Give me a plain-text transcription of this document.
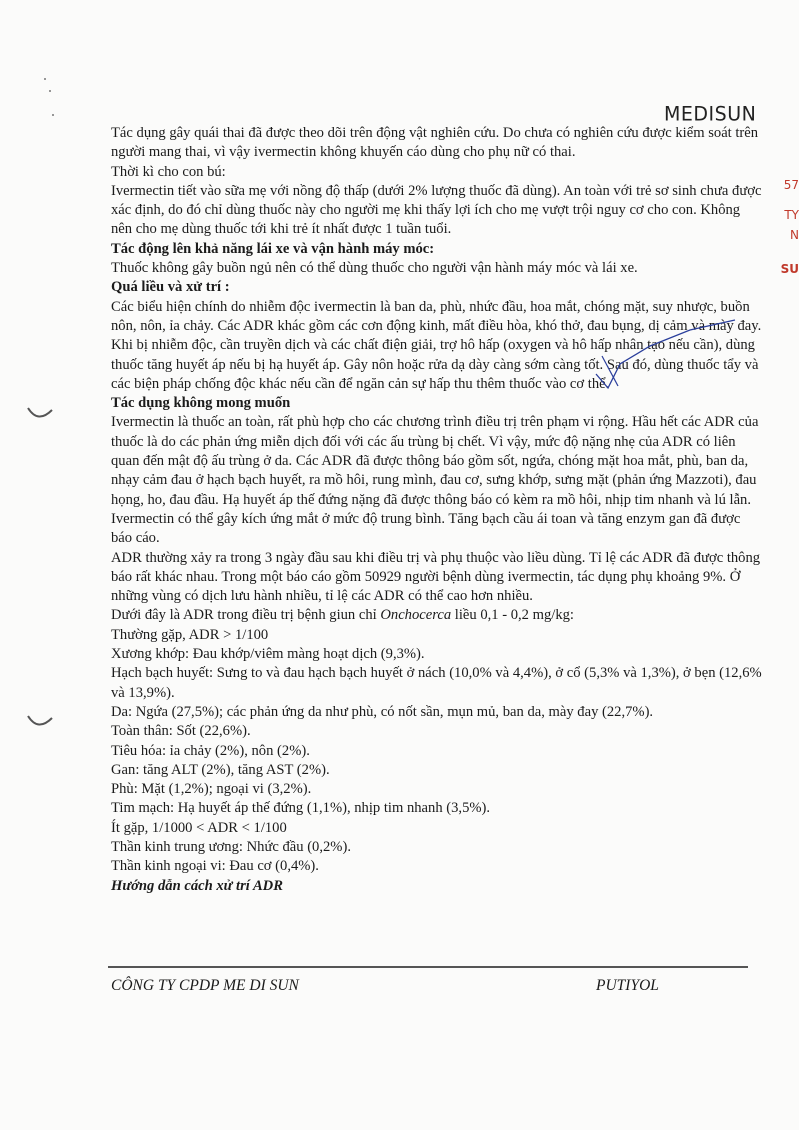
MEDISUN

Tác dụng gây quái thai đã được theo dõi trên động vật nghiên cứu. Do chưa có nghiên cứu được kiểm soát trên người mang thai, vì vậy ivermectin không khuyến cáo dùng cho phụ nữ có thai.

Thời kì cho con bú:

Ivermectin tiết vào sữa mẹ với nồng độ thấp (dưới 2% lượng thuốc đã dùng). An toàn với trẻ sơ sinh chưa được xác định, do đó chỉ dùng thuốc này cho người mẹ khi thấy lợi ích cho mẹ vượt trội nguy cơ cho con. Không nên cho mẹ dùng thuốc tới khi trẻ ít nhất được 1 tuần tuổi.

Tác động lên khả năng lái xe và vận hành máy móc:

Thuốc không gây buồn ngủ nên có thể dùng thuốc cho người vận hành máy móc và lái xe.

Quá liều và xử trí :

Các biểu hiện chính do nhiễm độc ivermectin là ban da, phù, nhức đầu, hoa mắt, chóng mặt, suy nhược, buồn nôn, nôn, ỉa chảy. Các ADR khác gồm các cơn động kinh, mất điều hòa, khó thở, đau bụng, dị cảm và mày đay.

Khi bị nhiễm độc, cần truyền dịch và các chất điện giải, trợ hô hấp (oxygen và hô hấp nhân tạo nếu cần), dùng thuốc tăng huyết áp nếu bị hạ huyết áp. Gây nôn hoặc rửa dạ dày càng sớm càng tốt. Sau đó, dùng thuốc tẩy và các biện pháp chống độc khác nếu cần để ngăn cản sự hấp thu thêm thuốc vào cơ thể.

Tác dụng không mong muốn

Ivermectin là thuốc an toàn, rất phù hợp cho các chương trình điều trị trên phạm vi rộng. Hầu hết các ADR của thuốc là do các phản ứng miễn dịch đối với các ấu trùng bị chết. Vì vậy, mức độ nặng nhẹ của ADR có liên quan đến mật độ ấu trùng ở da. Các ADR đã được thông báo gồm sốt, ngứa, chóng mặt hoa mắt, phù, ban da, nhạy cảm đau ở hạch bạch huyết, ra mồ hôi, rung mình, đau cơ, sưng khớp, sưng mặt (phản ứng Mazzoti), đau họng, ho, đau đầu. Hạ huyết áp thế đứng nặng đã được thông báo có kèm ra mồ hôi, nhịp tim nhanh và lú lẫn.

Ivermectin có thể gây kích ứng mắt ở mức độ trung bình. Tăng bạch cầu ái toan và tăng enzym gan đã được báo cáo.

ADR thường xảy ra trong 3 ngày đầu sau khi điều trị và phụ thuộc vào liều dùng. Tỉ lệ các ADR đã được thông báo rất khác nhau. Trong một báo cáo gồm 50929 người bệnh dùng ivermectin, tác dụng phụ khoảng 9%. Ở những vùng có dịch lưu hành nhiều, tỉ lệ các ADR có thể cao hơn nhiều.

Dưới đây là ADR trong điều trị bệnh giun chỉ Onchocerca liều 0,1 - 0,2 mg/kg:

Thường gặp, ADR > 1/100

Xương khớp: Đau khớp/viêm màng hoạt dịch (9,3%).

Hạch bạch huyết: Sưng to và đau hạch bạch huyết ở nách (10,0% và 4,4%), ở cổ (5,3% và 1,3%), ở bẹn (12,6% và 13,9%).

Da: Ngứa (27,5%); các phản ứng da như phù, có nốt sần, mụn mủ, ban da, mày đay (22,7%).

Toàn thân: Sốt (22,6%).

Tiêu hóa: ỉa chảy (2%), nôn (2%).

Gan: tăng ALT (2%), tăng AST (2%).

Phù: Mặt (1,2%); ngoại vi (3,2%).

Tim mạch: Hạ huyết áp thế đứng (1,1%), nhịp tim nhanh (3,5%).

Ít gặp, 1/1000 < ADR < 1/100

Thần kinh trung ương: Nhức đầu (0,2%).

Thần kinh ngoại vi: Đau cơ (0,4%).

Hướng dẫn cách xử trí ADR

CÔNG TY CPDP ME DI SUN	PUTIYOL
57
TY
N
SU
